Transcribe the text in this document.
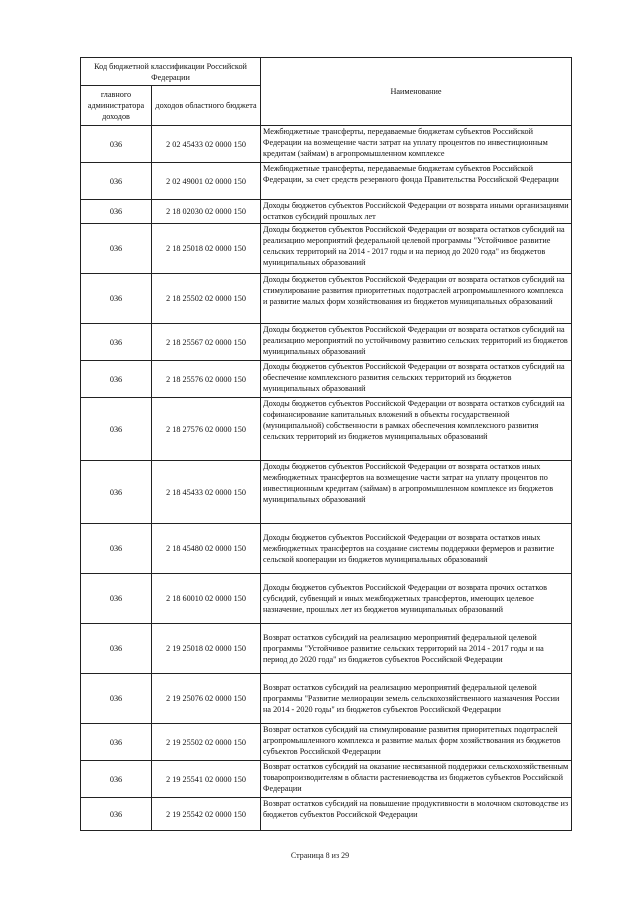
Код бюджетной классификации Российской Федерации		Наименование
главного администратора доходов	доходов областного бюджета	
036	2 02 45433 02 0000 150	Межбюджетные трансферты, передаваемые бюджетам субъектов Российской Федерации на возмещение части затрат на уплату процентов по инвестиционным кредитам (займам) в агропромышленном комплексе
036	2 02 49001 02 0000 150	Межбюджетные трансферты, передаваемые бюджетам субъектов Российской Федерации, за счет средств резервного фонда Правительства Российской Федерации
036	2 18 02030 02 0000 150	Доходы бюджетов субъектов Российской Федерации от возврата иными организациями остатков субсидий прошлых лет
036	2 18 25018 02 0000 150	Доходы бюджетов субъектов Российской Федерации от возврата остатков субсидий на реализацию мероприятий федеральной целевой программы "Устойчивое развитие сельских территорий на 2014 - 2017 годы и на период до 2020 года" из бюджетов муниципальных образований
036	2 18 25502 02 0000 150	Доходы бюджетов субъектов Российской Федерации от возврата остатков субсидий на стимулирование развития приоритетных подотраслей агропромышленного комплекса и развитие малых форм хозяйствования из бюджетов муниципальных образований
036	2 18 25567 02 0000 150	Доходы бюджетов субъектов Российской Федерации от возврата остатков субсидий на реализацию мероприятий по устойчивому развитию сельских территорий из бюджетов муниципальных образований
036	2 18 25576 02 0000 150	Доходы бюджетов субъектов Российской Федерации от возврата остатков субсидий на обеспечение комплексного развития сельских территорий из бюджетов муниципальных образований
036	2 18 27576 02 0000 150	Доходы бюджетов субъектов Российской Федерации от возврата остатков субсидий на софинансирование капитальных вложений в объекты государственной (муниципальной) собственности в рамках обеспечения комплексного развития сельских территорий из бюджетов муниципальных образований
036	2 18 45433 02 0000 150	Доходы бюджетов субъектов Российской Федерации от возврата остатков иных межбюджетных трансфертов на возмещение части затрат на уплату процентов по инвестиционным кредитам (займам) в агропромышленном комплексе из бюджетов муниципальных образований
036	2 18 45480 02 0000 150	Доходы бюджетов субъектов Российской Федерации от возврата остатков иных межбюджетных трансфертов на создание системы поддержки фермеров и развитие сельской кооперации из бюджетов муниципальных образований
036	2 18 60010 02 0000 150	Доходы бюджетов субъектов Российской Федерации от возврата прочих остатков субсидий, субвенций и иных межбюджетных трансфертов, имеющих целевое назначение, прошлых лет из бюджетов муниципальных образований
036	2 19 25018 02 0000 150	Возврат остатков субсидий на реализацию мероприятий федеральной целевой программы "Устойчивое развитие сельских территорий на 2014 - 2017 годы и на период до 2020 года" из бюджетов субъектов Российской Федерации
036	2 19 25076 02 0000 150	Возврат остатков субсидий на реализацию мероприятий федеральной целевой программы "Развитие мелиорации земель сельскохозяйственного назначения России на 2014 - 2020 годы" из бюджетов субъектов Российской Федерации
036	2 19 25502 02 0000 150	Возврат остатков субсидий на стимулирование развития приоритетных подотраслей агропромышленного комплекса и развитие малых форм хозяйствования из бюджетов субъектов Российской Федерации
036	2 19 25541 02 0000 150	Возврат остатков субсидий на оказание несвязанной поддержки сельскохозяйственным товаропроизводителям в области растениеводства из бюджетов субъектов Российской Федерации
036	2 19 25542 02 0000 150	Возврат остатков субсидий на повышение продуктивности в молочном скотоводстве из бюджетов субъектов Российской Федерации
Страница 8 из 29
